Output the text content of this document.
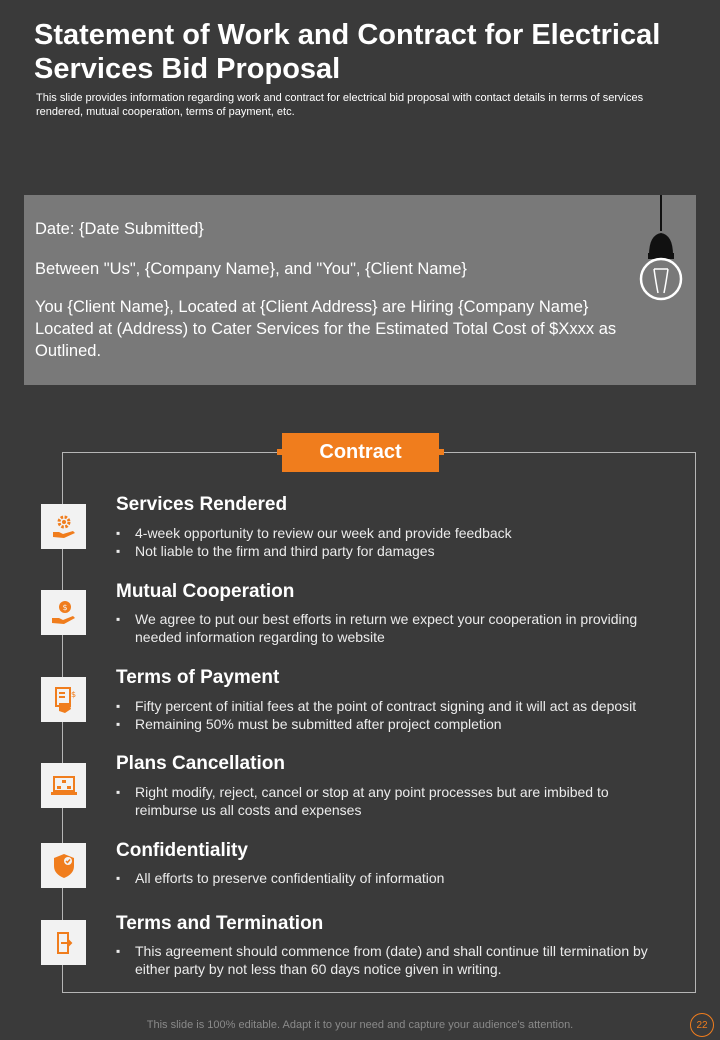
Statement of Work and Contract for Electrical Services Bid Proposal
This slide provides information regarding work and contract for electrical bid proposal with contact details in terms of services rendered, mutual cooperation, terms of payment, etc.
Date: {Date Submitted}
Between "Us", {Company Name}, and "You", {Client Name}
You {Client Name}, Located at {Client Address} are Hiring {Company Name} Located at (Address) to Cater Services for the Estimated Total Cost of $Xxxx as Outlined.
Contract
Services Rendered
▪ 4-week opportunity to review our week and provide feedback
▪ Not liable to the firm and third party for damages
$
Mutual Cooperation
▪ We agree to put our best efforts in return we expect your cooperation in providing needed information regarding to website
$
Terms of Payment
▪ Fifty percent of initial fees at the point of contract signing and it will act as deposit
▪ Remaining 50% must be submitted after project completion
Plans Cancellation
▪ Right modify, reject, cancel or stop at any point processes but are imbibed to reimburse us all costs and expenses
Confidentiality
▪ All efforts to preserve confidentiality of information
Terms and Termination
▪ This agreement should commence from (date) and shall continue till termination by either party by not less than 60 days notice given in writing.
This slide is 100% editable. Adapt it to your need and capture your audience's attention.	22
